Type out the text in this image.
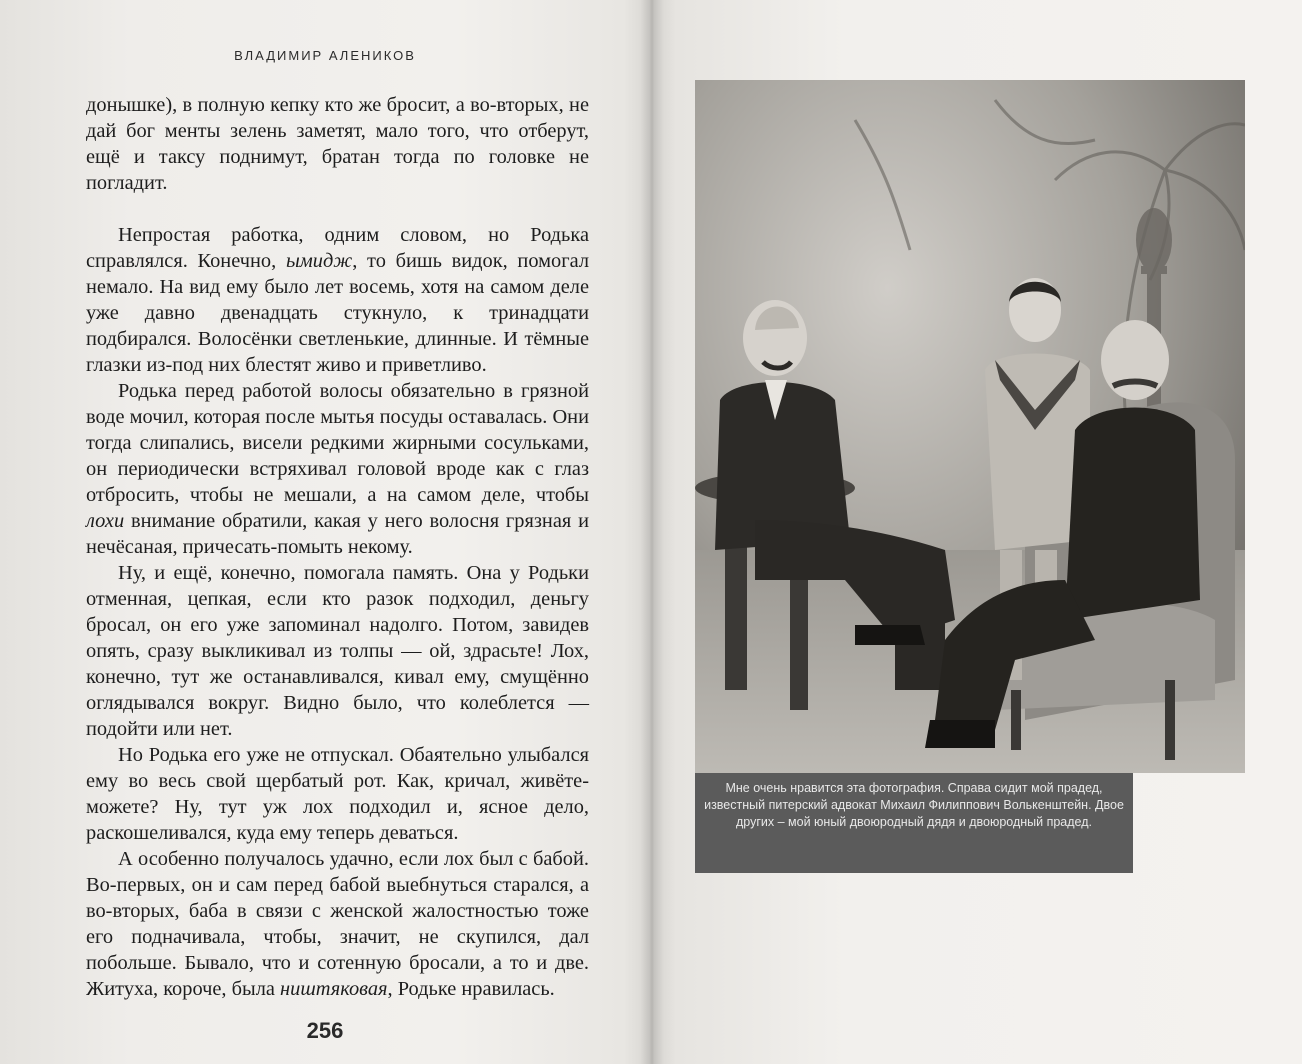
ВЛАДИМИР АЛЕНИКОВ

донышке), в полную кепку кто же бросит, а во-вторых, не дай бог менты зелень заметят, мало того, что отберут, ещё и таксу поднимут, братан тогда по головке не погладит.

Непростая работка, одним словом, но Родька справлялся. Конечно, ымидж, то бишь видок, помогал немало. На вид ему было лет восемь, хотя на самом деле уже давно двенадцать стукнуло, к тринадцати подбирался. Волосёнки светленькие, длинные. И тёмные глазки из-под них блестят живо и приветливо.

Родька перед работой волосы обязательно в грязной воде мочил, которая после мытья посуды оставалась. Они тогда слипались, висели редкими жирными сосульками, он периодически встряхивал головой вроде как с глаз отбросить, чтобы не мешали, а на самом деле, чтобы лохи внимание обратили, какая у него волосня грязная и нечёсаная, причесать-помыть некому.

Ну, и ещё, конечно, помогала память. Она у Родьки отменная, цепкая, если кто разок подходил, деньгу бросал, он его уже запоминал надолго. Потом, завидев опять, сразу выкликивал из толпы — ой, здрасьте! Лох, конечно, тут же останавливался, кивал ему, смущённо оглядывался вокруг. Видно было, что колеблется — подойти или нет.

Но Родька его уже не отпускал. Обаятельно улыбался ему во весь свой щербатый рот. Как, кричал, живёте-можете? Ну, тут уж лох подходил и, ясное дело, раскошеливался, куда ему теперь деваться.

А особенно получалось удачно, если лох был с бабой. Во-первых, он и сам перед бабой выебнуться старался, а во-вторых, баба в связи с женской жалостностью тоже его подначивала, чтобы, значит, не скупился, дал побольше. Бывало, что и сотенную бросали, а то и две. Житуха, короче, была ништяковая, Родьке нравилась.

256
Мне очень нравится эта фотография. Справа сидит мой прадед, известный питерский адвокат Михаил Филиппович Волькенштейн. Двое других – мой юный двоюродный дядя и двоюродный прадед.
